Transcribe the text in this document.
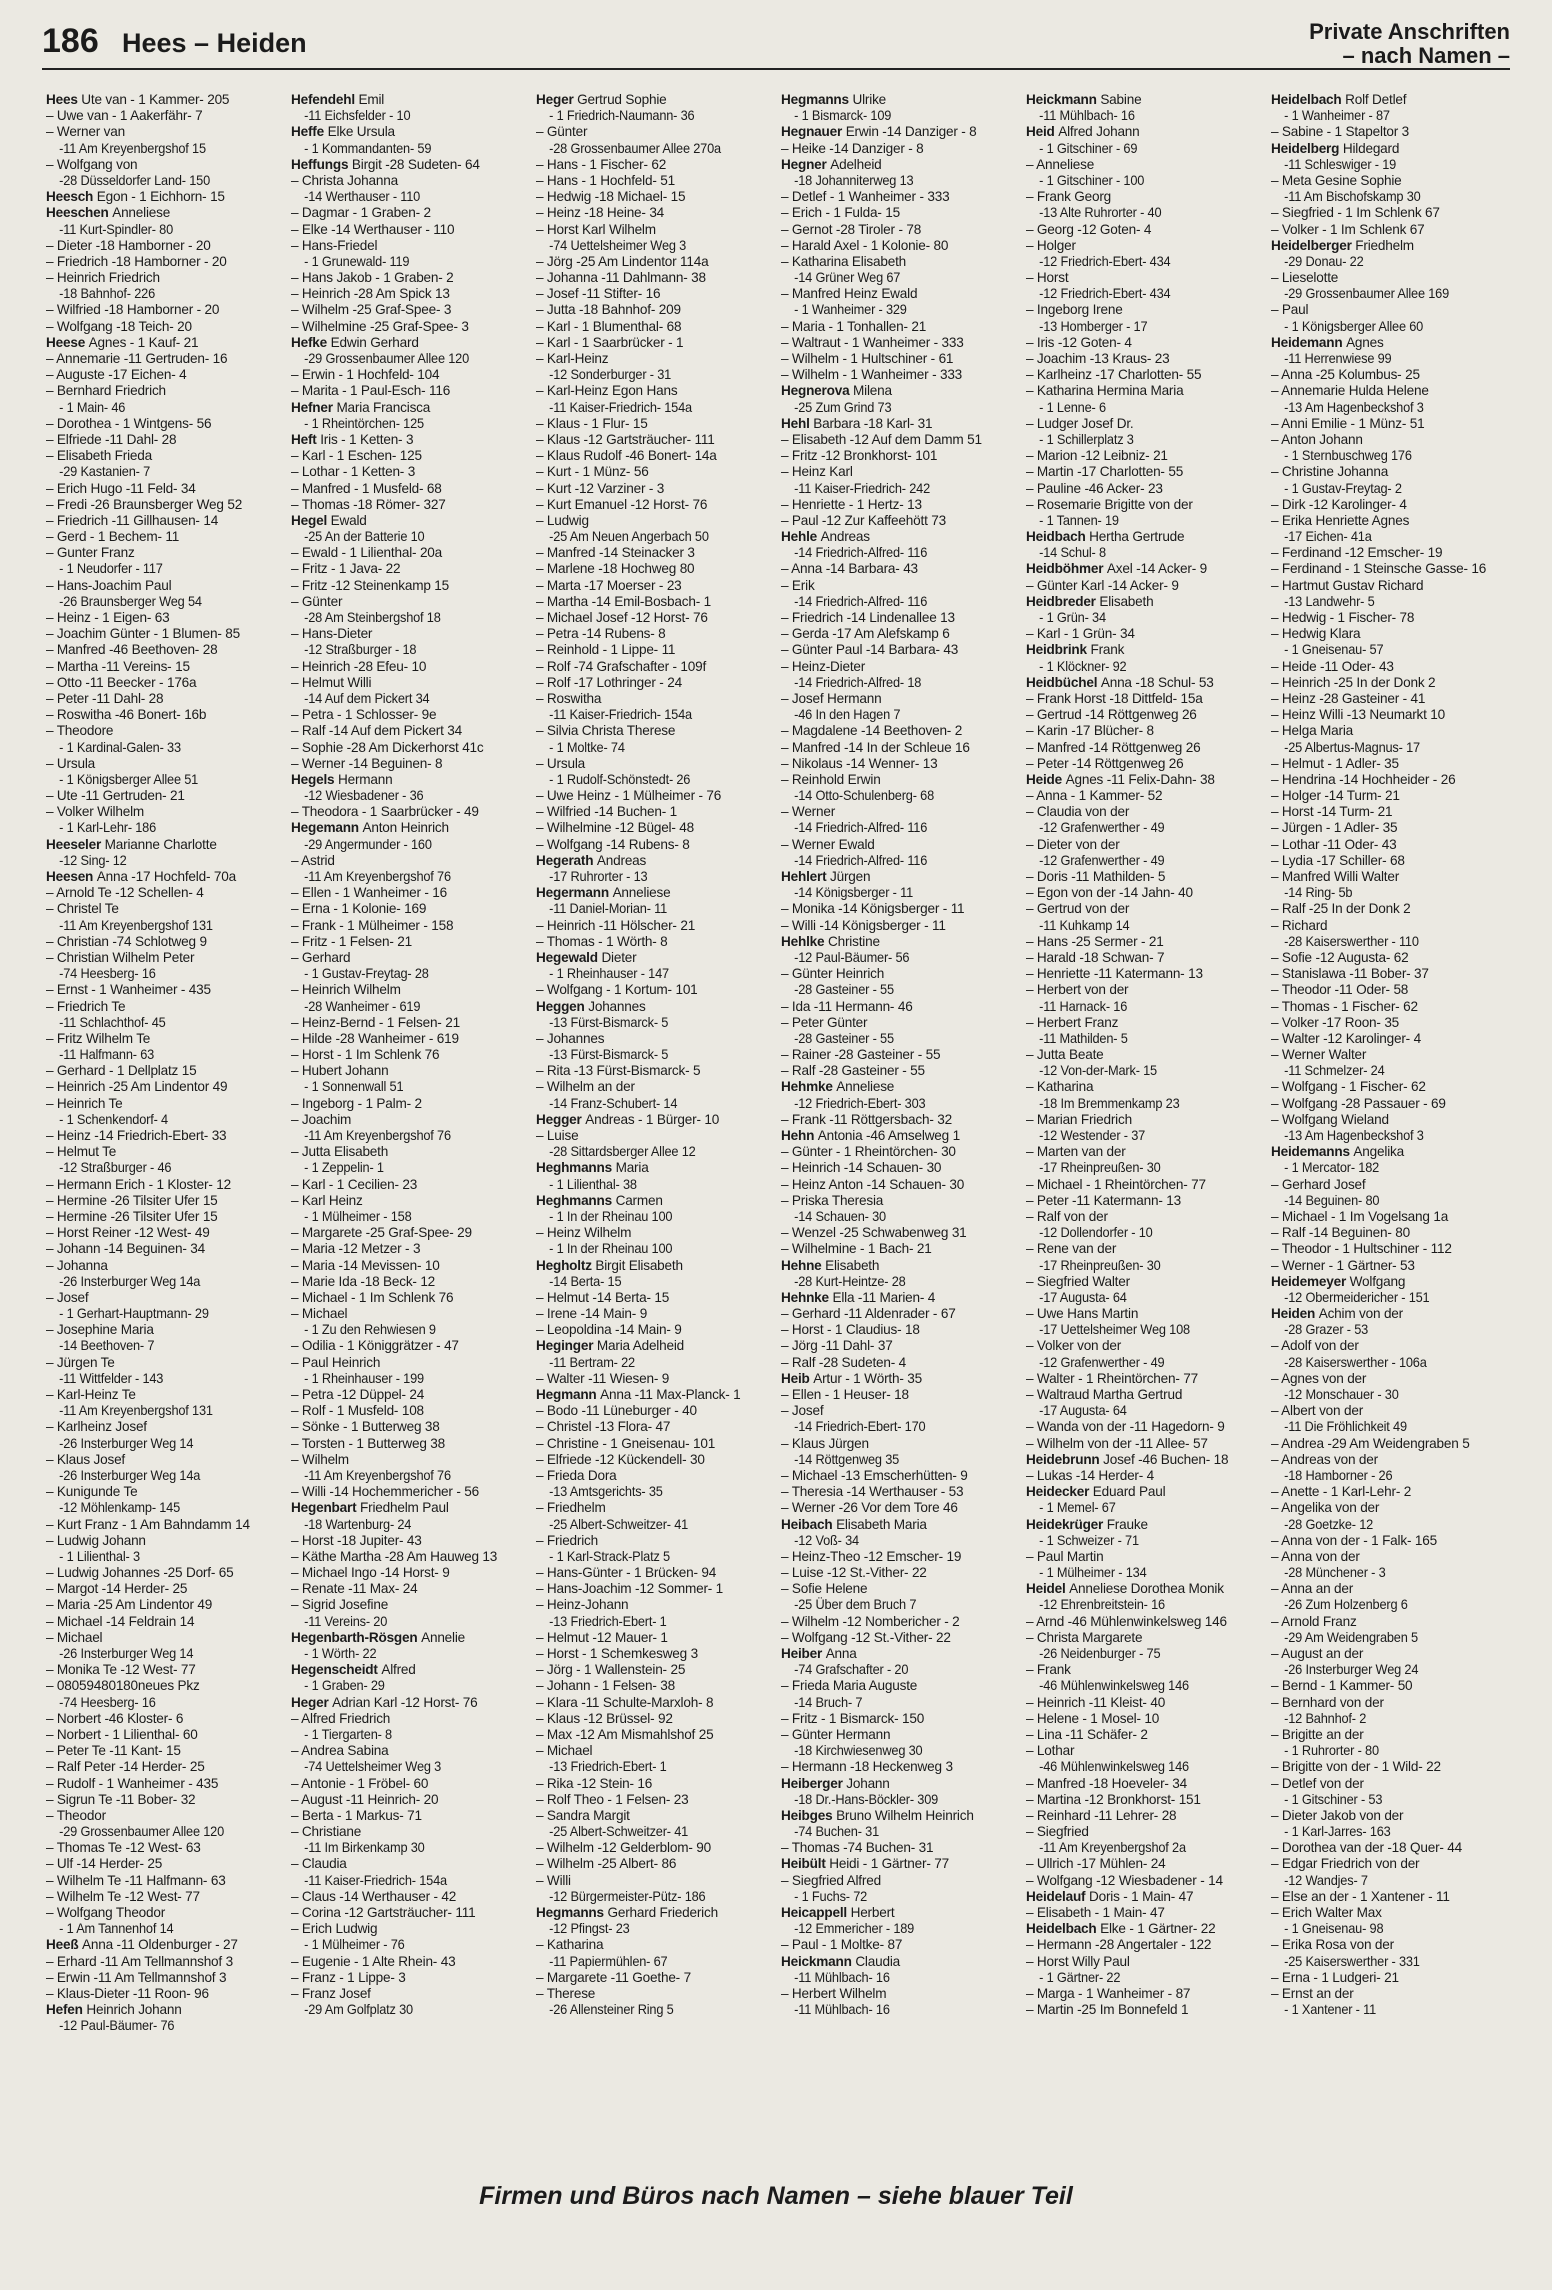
186 Hees – Heiden	Private Anschriften
– nach Namen –
Hees Ute van - 1 Kammer- 205
– Uwe van - 1 Aakerfähr- 7
– Werner van
-11 Am Kreyenbergshof 15
– Wolfgang von
-28 Düsseldorfer Land- 150
Heesch Egon - 1 Eichhorn- 15
Heeschen Anneliese
-11 Kurt-Spindler- 80
– Dieter -18 Hamborner - 20
– Friedrich -18 Hamborner - 20
– Heinrich Friedrich
-18 Bahnhof- 226
– Wilfried -18 Hamborner - 20
– Wolfgang -18 Teich- 20
Heese Agnes - 1 Kauf- 21
– Annemarie -11 Gertruden- 16
– Auguste -17 Eichen- 4
– Bernhard Friedrich
- 1 Main- 46
– Dorothea - 1 Wintgens- 56
– Elfriede -11 Dahl- 28
– Elisabeth Frieda
-29 Kastanien- 7
– Erich Hugo -11 Feld- 34
– Fredi -26 Braunsberger Weg 52
– Friedrich -11 Gillhausen- 14
– Gerd - 1 Bechem- 11
– Gunter Franz
- 1 Neudorfer - 117
– Hans-Joachim Paul
-26 Braunsberger Weg 54
– Heinz - 1 Eigen- 63
– Joachim Günter - 1 Blumen- 85
– Manfred -46 Beethoven- 28
– Martha -11 Vereins- 15
– Otto -11 Beecker - 176a
– Peter -11 Dahl- 28
– Roswitha -46 Bonert- 16b
– Theodore
- 1 Kardinal-Galen- 33
– Ursula
- 1 Königsberger Allee 51
– Ute -11 Gertruden- 21
– Volker Wilhelm
- 1 Karl-Lehr- 186
Heeseler Marianne Charlotte
-12 Sing- 12
Heesen Anna -17 Hochfeld- 70a
– Arnold Te -12 Schellen- 4
– Christel Te
-11 Am Kreyenbergshof 131
– Christian -74 Schlotweg 9
– Christian Wilhelm Peter
-74 Heesberg- 16
– Ernst - 1 Wanheimer - 435
– Friedrich Te
-11 Schlachthof- 45
– Fritz Wilhelm Te
-11 Halfmann- 63
– Gerhard - 1 Dellplatz 15
– Heinrich -25 Am Lindentor 49
– Heinrich Te
- 1 Schenkendorf- 4
– Heinz -14 Friedrich-Ebert- 33
– Helmut Te
-12 Straßburger - 46
– Hermann Erich - 1 Kloster- 12
– Hermine -26 Tilsiter Ufer 15
– Hermine -26 Tilsiter Ufer 15
– Horst Reiner -12 West- 49
– Johann -14 Beguinen- 34
– Johanna
-26 Insterburger Weg 14a
– Josef
- 1 Gerhart-Hauptmann- 29
– Josephine Maria
-14 Beethoven- 7
– Jürgen Te
-11 Wittfelder - 143
– Karl-Heinz Te
-11 Am Kreyenbergshof 131
– Karlheinz Josef
-26 Insterburger Weg 14
– Klaus Josef
-26 Insterburger Weg 14a
– Kunigunde Te
-12 Möhlenkamp- 145
– Kurt Franz - 1 Am Bahndamm 14
– Ludwig Johann
- 1 Lilienthal- 3
– Ludwig Johannes -25 Dorf- 65
– Margot -14 Herder- 25
– Maria -25 Am Lindentor 49
– Michael -14 Feldrain 14
– Michael
-26 Insterburger Weg 14
– Monika Te -12 West- 77
– 08059480180neues Pkz
-74 Heesberg- 16
– Norbert -46 Kloster- 6
– Norbert - 1 Lilienthal- 60
– Peter Te -11 Kant- 15
– Ralf Peter -14 Herder- 25
– Rudolf - 1 Wanheimer - 435
– Sigrun Te -11 Bober- 32
– Theodor
-29 Grossenbaumer Allee 120
– Thomas Te -12 West- 63
– Ulf -14 Herder- 25
– Wilhelm Te -11 Halfmann- 63
– Wilhelm Te -12 West- 77
– Wolfgang Theodor
- 1 Am Tannenhof 14
Heeß Anna -11 Oldenburger - 27
– Erhard -11 Am Tellmannshof 3
– Erwin -11 Am Tellmannshof 3
– Klaus-Dieter -11 Roon- 96
Hefen Heinrich Johann
-12 Paul-Bäumer- 76
Hefendehl Emil
-11 Eichsfelder - 10
Heffe Elke Ursula
- 1 Kommandanten- 59
Heffungs Birgit -28 Sudeten- 64
– Christa Johanna
-14 Werthauser - 110
– Dagmar - 1 Graben- 2
– Elke -14 Werthauser - 110
– Hans-Friedel
- 1 Grunewald- 119
– Hans Jakob - 1 Graben- 2
– Heinrich -28 Am Spick 13
– Wilhelm -25 Graf-Spee- 3
– Wilhelmine -25 Graf-Spee- 3
Hefke Edwin Gerhard
-29 Grossenbaumer Allee 120
– Erwin - 1 Hochfeld- 104
– Marita - 1 Paul-Esch- 116
Hefner Maria Francisca
- 1 Rheintörchen- 125
Heft Iris - 1 Ketten- 3
– Karl - 1 Eschen- 125
– Lothar - 1 Ketten- 3
– Manfred - 1 Musfeld- 68
– Thomas -18 Römer- 327
Hegel Ewald
-25 An der Batterie 10
– Ewald - 1 Lilienthal- 20a
– Fritz - 1 Java- 22
– Fritz -12 Steinenkamp 15
– Günter
-28 Am Steinbergshof 18
– Hans-Dieter
-12 Straßburger - 18
– Heinrich -28 Efeu- 10
– Helmut Willi
-14 Auf dem Pickert 34
– Petra - 1 Schlosser- 9e
– Ralf -14 Auf dem Pickert 34
– Sophie -28 Am Dickerhorst 41c
– Werner -14 Beguinen- 8
Hegels Hermann
-12 Wiesbadener - 36
– Theodora - 1 Saarbrücker - 49
Hegemann Anton Heinrich
-29 Angermunder - 160
– Astrid
-11 Am Kreyenbergshof 76
– Ellen - 1 Wanheimer - 16
– Erna - 1 Kolonie- 169
– Frank - 1 Mülheimer - 158
– Fritz - 1 Felsen- 21
– Gerhard
- 1 Gustav-Freytag- 28
– Heinrich Wilhelm
-28 Wanheimer - 619
– Heinz-Bernd - 1 Felsen- 21
– Hilde -28 Wanheimer - 619
– Horst - 1 Im Schlenk 76
– Hubert Johann
- 1 Sonnenwall 51
– Ingeborg - 1 Palm- 2
– Joachim
-11 Am Kreyenbergshof 76
– Jutta Elisabeth
- 1 Zeppelin- 1
– Karl - 1 Cecilien- 23
– Karl Heinz
- 1 Mülheimer - 158
– Margarete -25 Graf-Spee- 29
– Maria -12 Metzer - 3
– Maria -14 Mevissen- 10
– Marie Ida -18 Beck- 12
– Michael - 1 Im Schlenk 76
– Michael
- 1 Zu den Rehwiesen 9
– Odilia - 1 Königgrätzer - 47
– Paul Heinrich
- 1 Rheinhauser - 199
– Petra -12 Düppel- 24
– Rolf - 1 Musfeld- 108
– Sönke - 1 Butterweg 38
– Torsten - 1 Butterweg 38
– Wilhelm
-11 Am Kreyenbergshof 76
– Willi -14 Hochemmericher - 56
Hegenbart Friedhelm Paul
-18 Wartenburg- 24
– Horst -18 Jupiter- 43
– Käthe Martha -28 Am Hauweg 13
– Michael Ingo -14 Horst- 9
– Renate -11 Max- 24
– Sigrid Josefine
-11 Vereins- 20
Hegenbarth-Rösgen Annelie
- 1 Wörth- 22
Hegenscheidt Alfred
- 1 Graben- 29
Heger Adrian Karl -12 Horst- 76
– Alfred Friedrich
- 1 Tiergarten- 8
– Andrea Sabina
-74 Uettelsheimer Weg 3
– Antonie - 1 Fröbel- 60
– August -11 Heinrich- 20
– Berta - 1 Markus- 71
– Christiane
-11 Im Birkenkamp 30
– Claudia
-11 Kaiser-Friedrich- 154a
– Claus -14 Werthauser - 42
– Corina -12 Gartsträucher- 111
– Erich Ludwig
- 1 Mülheimer - 76
– Eugenie - 1 Alte Rhein- 43
– Franz - 1 Lippe- 3
– Franz Josef
-29 Am Golfplatz 30
Heger Gertrud Sophie
- 1 Friedrich-Naumann- 36
– Günter
-28 Grossenbaumer Allee 270a
– Hans - 1 Fischer- 62
– Hans - 1 Hochfeld- 51
– Hedwig -18 Michael- 15
– Heinz -18 Heine- 34
– Horst Karl Wilhelm
-74 Uettelsheimer Weg 3
– Jörg -25 Am Lindentor 114a
– Johanna -11 Dahlmann- 38
– Josef -11 Stifter- 16
– Jutta -18 Bahnhof- 209
– Karl - 1 Blumenthal- 68
– Karl - 1 Saarbrücker - 1
– Karl-Heinz
-12 Sonderburger - 31
– Karl-Heinz Egon Hans
-11 Kaiser-Friedrich- 154a
– Klaus - 1 Flur- 15
– Klaus -12 Gartsträucher- 111
– Klaus Rudolf -46 Bonert- 14a
– Kurt - 1 Münz- 56
– Kurt -12 Varziner - 3
– Kurt Emanuel -12 Horst- 76
– Ludwig
-25 Am Neuen Angerbach 50
– Manfred -14 Steinacker 3
– Marlene -18 Hochweg 80
– Marta -17 Moerser - 23
– Martha -14 Emil-Bosbach- 1
– Michael Josef -12 Horst- 76
– Petra -14 Rubens- 8
– Reinhold - 1 Lippe- 11
– Rolf -74 Grafschafter - 109f
– Rolf -17 Lothringer - 24
– Roswitha
-11 Kaiser-Friedrich- 154a
– Silvia Christa Therese
- 1 Moltke- 74
– Ursula
- 1 Rudolf-Schönstedt- 26
– Uwe Heinz - 1 Mülheimer - 76
– Wilfried -14 Buchen- 1
– Wilhelmine -12 Bügel- 48
– Wolfgang -14 Rubens- 8
Hegerath Andreas
-17 Ruhrorter - 13
Hegermann Anneliese
-11 Daniel-Morian- 11
– Heinrich -11 Hölscher- 21
– Thomas - 1 Wörth- 8
Hegewald Dieter
- 1 Rheinhauser - 147
– Wolfgang - 1 Kortum- 101
Heggen Johannes
-13 Fürst-Bismarck- 5
– Johannes
-13 Fürst-Bismarck- 5
– Rita -13 Fürst-Bismarck- 5
– Wilhelm an der
-14 Franz-Schubert- 14
Hegger Andreas - 1 Bürger- 10
– Luise
-28 Sittardsberger Allee 12
Heghmanns Maria
- 1 Lilienthal- 38
Heghmanns Carmen
- 1 In der Rheinau 100
– Heinz Wilhelm
- 1 In der Rheinau 100
Hegholtz Birgit Elisabeth
-14 Berta- 15
– Helmut -14 Berta- 15
– Irene -14 Main- 9
– Leopoldina -14 Main- 9
Heginger Maria Adelheid
-11 Bertram- 22
– Walter -11 Wiesen- 9
Hegmann Anna -11 Max-Planck- 1
– Bodo -11 Lüneburger - 40
– Christel -13 Flora- 47
– Christine - 1 Gneisenau- 101
– Elfriede -12 Kückendell- 30
– Frieda Dora
-13 Amtsgerichts- 35
– Friedhelm
-25 Albert-Schweitzer- 41
– Friedrich
- 1 Karl-Strack-Platz 5
– Hans-Günter - 1 Brücken- 94
– Hans-Joachim -12 Sommer- 1
– Heinz-Johann
-13 Friedrich-Ebert- 1
– Helmut -12 Mauer- 1
– Horst - 1 Schemkesweg 3
– Jörg - 1 Wallenstein- 25
– Johann - 1 Felsen- 38
– Klara -11 Schulte-Marxloh- 8
– Klaus -12 Brüssel- 92
– Max -12 Am Mismahlshof 25
– Michael
-13 Friedrich-Ebert- 1
– Rika -12 Stein- 16
– Rolf Theo - 1 Felsen- 23
– Sandra Margit
-25 Albert-Schweitzer- 41
– Wilhelm -12 Gelderblom- 90
– Wilhelm -25 Albert- 86
– Willi
-12 Bürgermeister-Pütz- 186
Hegmanns Gerhard Friederich
-12 Pfingst- 23
– Katharina
-11 Papiermühlen- 67
– Margarete -11 Goethe- 7
– Therese
-26 Allensteiner Ring 5
Hegmanns Ulrike
- 1 Bismarck- 109
Hegnauer Erwin -14 Danziger - 8
– Heike -14 Danziger - 8
Hegner Adelheid
-18 Johanniterweg 13
– Detlef - 1 Wanheimer - 333
– Erich - 1 Fulda- 15
– Gernot -28 Tiroler - 78
– Harald Axel - 1 Kolonie- 80
– Katharina Elisabeth
-14 Grüner Weg 67
– Manfred Heinz Ewald
- 1 Wanheimer - 329
– Maria - 1 Tonhallen- 21
– Waltraut - 1 Wanheimer - 333
– Wilhelm - 1 Hultschiner - 61
– Wilhelm - 1 Wanheimer - 333
Hegnerova Milena
-25 Zum Grind 73
Hehl Barbara -18 Karl- 31
– Elisabeth -12 Auf dem Damm 51
– Fritz -12 Bronkhorst- 101
– Heinz Karl
-11 Kaiser-Friedrich- 242
– Henriette - 1 Hertz- 13
– Paul -12 Zur Kaffeehött 73
Hehle Andreas
-14 Friedrich-Alfred- 116
– Anna -14 Barbara- 43
– Erik
-14 Friedrich-Alfred- 116
– Friedrich -14 Lindenallee 13
– Gerda -17 Am Alefskamp 6
– Günter Paul -14 Barbara- 43
– Heinz-Dieter
-14 Friedrich-Alfred- 18
– Josef Hermann
-46 In den Hagen 7
– Magdalene -14 Beethoven- 2
– Manfred -14 In der Schleue 16
– Nikolaus -14 Wenner- 13
– Reinhold Erwin
-14 Otto-Schulenberg- 68
– Werner
-14 Friedrich-Alfred- 116
– Werner Ewald
-14 Friedrich-Alfred- 116
Hehlert Jürgen
-14 Königsberger - 11
– Monika -14 Königsberger - 11
– Willi -14 Königsberger - 11
Hehlke Christine
-12 Paul-Bäumer- 56
– Günter Heinrich
-28 Gasteiner - 55
– Ida -11 Hermann- 46
– Peter Günter
-28 Gasteiner - 55
– Rainer -28 Gasteiner - 55
– Ralf -28 Gasteiner - 55
Hehmke Anneliese
-12 Friedrich-Ebert- 303
– Frank -11 Röttgersbach- 32
Hehn Antonia -46 Amselweg 1
– Günter - 1 Rheintörchen- 30
– Heinrich -14 Schauen- 30
– Heinz Anton -14 Schauen- 30
– Priska Theresia
-14 Schauen- 30
– Wenzel -25 Schwabenweg 31
– Wilhelmine - 1 Bach- 21
Hehne Elisabeth
-28 Kurt-Heintze- 28
Hehnke Ella -11 Marien- 4
– Gerhard -11 Aldenrader - 67
– Horst - 1 Claudius- 18
– Jörg -11 Dahl- 37
– Ralf -28 Sudeten- 4
Heib Artur - 1 Wörth- 35
– Ellen - 1 Heuser- 18
– Josef
-14 Friedrich-Ebert- 170
– Klaus Jürgen
-14 Röttgenweg 35
– Michael -13 Emscherhütten- 9
– Theresia -14 Werthauser - 53
– Werner -26 Vor dem Tore 46
Heibach Elisabeth Maria
-12 Voß- 34
– Heinz-Theo -12 Emscher- 19
– Luise -12 St.-Vither- 22
– Sofie Helene
-25 Über dem Bruch 7
– Wilhelm -12 Nombericher - 2
– Wolfgang -12 St.-Vither- 22
Heiber Anna
-74 Grafschafter - 20
– Frieda Maria Auguste
-14 Bruch- 7
– Fritz - 1 Bismarck- 150
– Günter Hermann
-18 Kirchwiesenweg 30
– Hermann -18 Heckenweg 3
Heiberger Johann
-18 Dr.-Hans-Böckler- 309
Heibges Bruno Wilhelm Heinrich
-74 Buchen- 31
– Thomas -74 Buchen- 31
Heibült Heidi - 1 Gärtner- 77
– Siegfried Alfred
- 1 Fuchs- 72
Heicappell Herbert
-12 Emmericher - 189
– Paul - 1 Moltke- 87
Heickmann Claudia
-11 Mühlbach- 16
– Herbert Wilhelm
-11 Mühlbach- 16
Heickmann Sabine
-11 Mühlbach- 16
Heid Alfred Johann
- 1 Gitschiner - 69
– Anneliese
- 1 Gitschiner - 100
– Frank Georg
-13 Alte Ruhrorter - 40
– Georg -12 Goten- 4
– Holger
-12 Friedrich-Ebert- 434
– Horst
-12 Friedrich-Ebert- 434
– Ingeborg Irene
-13 Homberger - 17
– Iris -12 Goten- 4
– Joachim -13 Kraus- 23
– Karlheinz -17 Charlotten- 55
– Katharina Hermina Maria
- 1 Lenne- 6
– Ludger Josef Dr.
- 1 Schillerplatz 3
– Marion -12 Leibniz- 21
– Martin -17 Charlotten- 55
– Pauline -46 Acker- 23
– Rosemarie Brigitte von der
- 1 Tannen- 19
Heidbach Hertha Gertrude
-14 Schul- 8
Heidböhmer Axel -14 Acker- 9
– Günter Karl -14 Acker- 9
Heidbreder Elisabeth
- 1 Grün- 34
– Karl - 1 Grün- 34
Heidbrink Frank
- 1 Klöckner- 92
Heidbüchel Anna -18 Schul- 53
– Frank Horst -18 Dittfeld- 15a
– Gertrud -14 Röttgenweg 26
– Karin -17 Blücher- 8
– Manfred -14 Röttgenweg 26
– Peter -14 Röttgenweg 26
Heide Agnes -11 Felix-Dahn- 38
– Anna - 1 Kammer- 52
– Claudia von der
-12 Grafenwerther - 49
– Dieter von der
-12 Grafenwerther - 49
– Doris -11 Mathilden- 5
– Egon von der -14 Jahn- 40
– Gertrud von der
-11 Kuhkamp 14
– Hans -25 Sermer - 21
– Harald -18 Schwan- 7
– Henriette -11 Katermann- 13
– Herbert von der
-11 Harnack- 16
– Herbert Franz
-11 Mathilden- 5
– Jutta Beate
-12 Von-der-Mark- 15
– Katharina
-18 Im Bremmenkamp 23
– Marian Friedrich
-12 Westender - 37
– Marten van der
-17 Rheinpreußen- 30
– Michael - 1 Rheintörchen- 77
– Peter -11 Katermann- 13
– Ralf von der
-12 Dollendorfer - 10
– Rene van der
-17 Rheinpreußen- 30
– Siegfried Walter
-17 Augusta- 64
– Uwe Hans Martin
-17 Uettelsheimer Weg 108
– Volker von der
-12 Grafenwerther - 49
– Walter - 1 Rheintörchen- 77
– Waltraud Martha Gertrud
-17 Augusta- 64
– Wanda von der -11 Hagedorn- 9
– Wilhelm von der -11 Allee- 57
Heidebrunn Josef -46 Buchen- 18
– Lukas -14 Herder- 4
Heidecker Eduard Paul
- 1 Memel- 67
Heidekrüger Frauke
- 1 Schweizer - 71
– Paul Martin
- 1 Mülheimer - 134
Heidel Anneliese Dorothea Monik
-12 Ehrenbreitstein- 16
– Arnd -46 Mühlenwinkelsweg 146
– Christa Margarete
-26 Neidenburger - 75
– Frank
-46 Mühlenwinkelsweg 146
– Heinrich -11 Kleist- 40
– Helene - 1 Mosel- 10
– Lina -11 Schäfer- 2
– Lothar
-46 Mühlenwinkelsweg 146
– Manfred -18 Hoeveler- 34
– Martina -12 Bronkhorst- 151
– Reinhard -11 Lehrer- 28
– Siegfried
-11 Am Kreyenbergshof 2a
– Ullrich -17 Mühlen- 24
– Wolfgang -12 Wiesbadener - 14
Heidelauf Doris - 1 Main- 47
– Elisabeth - 1 Main- 47
Heidelbach Elke - 1 Gärtner- 22
– Hermann -28 Angertaler - 122
– Horst Willy Paul
- 1 Gärtner- 22
– Marga - 1 Wanheimer - 87
– Martin -25 Im Bonnefeld 1
Heidelbach Rolf Detlef
- 1 Wanheimer - 87
– Sabine - 1 Stapeltor 3
Heidelberg Hildegard
-11 Schleswiger - 19
– Meta Gesine Sophie
-11 Am Bischofskamp 30
– Siegfried - 1 Im Schlenk 67
– Volker - 1 Im Schlenk 67
Heidelberger Friedhelm
-29 Donau- 22
– Lieselotte
-29 Grossenbaumer Allee 169
– Paul
- 1 Königsberger Allee 60
Heidemann Agnes
-11 Herrenwiese 99
– Anna -25 Kolumbus- 25
– Annemarie Hulda Helene
-13 Am Hagenbeckshof 3
– Anni Emilie - 1 Münz- 51
– Anton Johann
- 1 Sternbuschweg 176
– Christine Johanna
- 1 Gustav-Freytag- 2
– Dirk -12 Karolinger- 4
– Erika Henriette Agnes
-17 Eichen- 41a
– Ferdinand -12 Emscher- 19
– Ferdinand - 1 Steinsche Gasse- 16
– Hartmut Gustav Richard
-13 Landwehr- 5
– Hedwig - 1 Fischer- 78
– Hedwig Klara
- 1 Gneisenau- 57
– Heide -11 Oder- 43
– Heinrich -25 In der Donk 2
– Heinz -28 Gasteiner - 41
– Heinz Willi -13 Neumarkt 10
– Helga Maria
-25 Albertus-Magnus- 17
– Helmut - 1 Adler- 35
– Hendrina -14 Hochheider - 26
– Holger -14 Turm- 21
– Horst -14 Turm- 21
– Jürgen - 1 Adler- 35
– Lothar -11 Oder- 43
– Lydia -17 Schiller- 68
– Manfred Willi Walter
-14 Ring- 5b
– Ralf -25 In der Donk 2
– Richard
-28 Kaiserswerther - 110
– Sofie -12 Augusta- 62
– Stanislawa -11 Bober- 37
– Theodor -11 Oder- 58
– Thomas - 1 Fischer- 62
– Volker -17 Roon- 35
– Walter -12 Karolinger- 4
– Werner Walter
-11 Schmelzer- 24
– Wolfgang - 1 Fischer- 62
– Wolfgang -28 Passauer - 69
– Wolfgang Wieland
-13 Am Hagenbeckshof 3
Heidemanns Angelika
- 1 Mercator- 182
– Gerhard Josef
-14 Beguinen- 80
– Michael - 1 Im Vogelsang 1a
– Ralf -14 Beguinen- 80
– Theodor - 1 Hultschiner - 112
– Werner - 1 Gärtner- 53
Heidemeyer Wolfgang
-12 Obermeidericher - 151
Heiden Achim von der
-28 Grazer - 53
– Adolf von der
-28 Kaiserswerther - 106a
– Agnes von der
-12 Monschauer - 30
– Albert von der
-11 Die Fröhlichkeit 49
– Andrea -29 Am Weidengraben 5
– Andreas von der
-18 Hamborner - 26
– Anette - 1 Karl-Lehr- 2
– Angelika von der
-28 Goetzke- 12
– Anna von der - 1 Falk- 165
– Anna von der
-28 Münchener - 3
– Anna an der
-26 Zum Holzenberg 6
– Arnold Franz
-29 Am Weidengraben 5
– August an der
-26 Insterburger Weg 24
– Bernd - 1 Kammer- 50
– Bernhard von der
-12 Bahnhof- 2
– Brigitte an der
- 1 Ruhrorter - 80
– Brigitte von der - 1 Wild- 22
– Detlef von der
- 1 Gitschiner - 53
– Dieter Jakob von der
- 1 Karl-Jarres- 163
– Dorothea van der -18 Quer- 44
– Edgar Friedrich von der
-12 Wandjes- 7
– Else an der - 1 Xantener - 11
– Erich Walter Max
- 1 Gneisenau- 98
– Erika Rosa von der
-25 Kaiserswerther - 331
– Erna - 1 Ludgeri- 21
– Ernst an der
- 1 Xantener - 11
Firmen und Büros nach Namen – siehe blauer Teil
